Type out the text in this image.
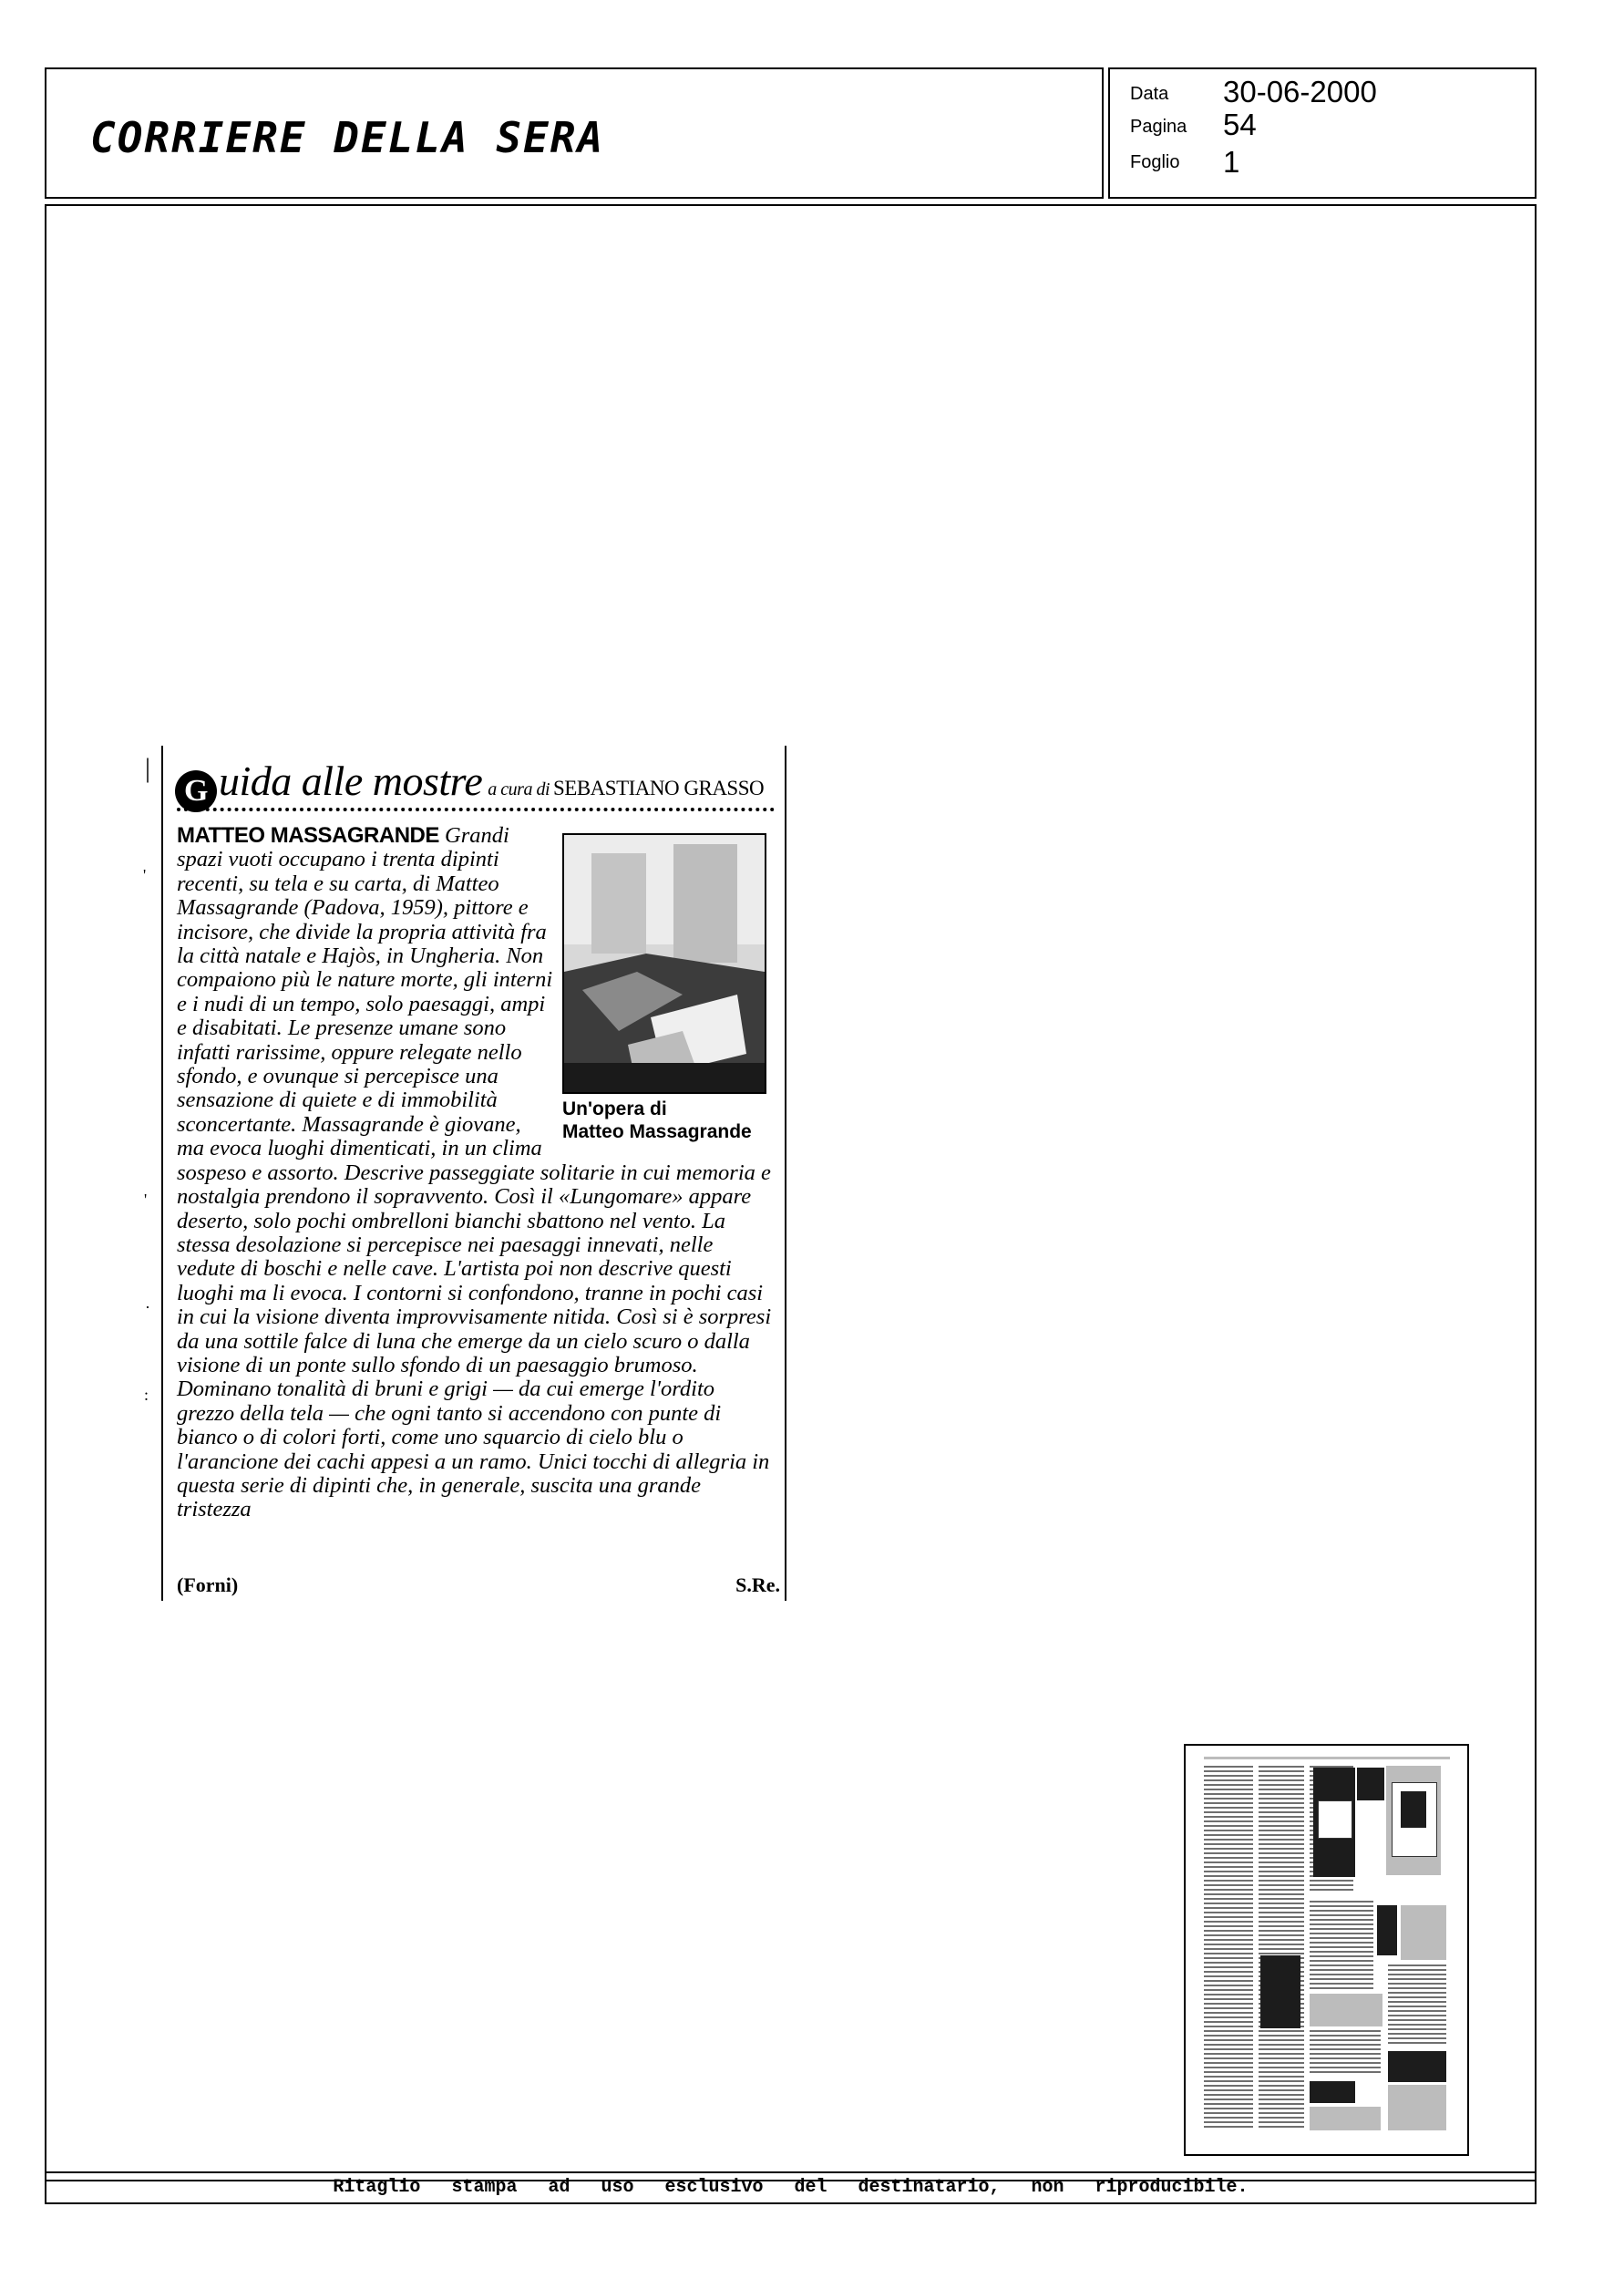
CORRIERE DELLA SERA
Data 30-06-2000
Pagina 54
Foglio 1
G uida alle mostre a cura di SEBASTIANO GRASSO
Un'opera di
Matteo Massagrande
MATTEO MASSAGRANDE Grandi spazi vuoti occupano i trenta dipinti recenti, su tela e su carta, di Matteo Massagrande (Padova, 1959), pittore e incisore, che divide la propria attività fra la città natale e Hajòs, in Ungheria. Non compaiono più le nature morte, gli interni e i nudi di un tempo, solo paesaggi, ampi e disabitati. Le presenze umane sono infatti rarissime, oppure relegate nello sfondo, e ovunque si percepisce una sensazione di quiete e di immobilità sconcertante. Massagrande è giovane, ma evoca luoghi dimenticati, in un clima sospeso e assorto. Descrive passeggiate solitarie in cui memoria e nostalgia prendono il sopravvento. Così il «Lungomare» appare deserto, solo pochi ombrelloni bianchi sbattono nel vento. La stessa desolazione si percepisce nei paesaggi innevati, nelle vedute di boschi e nelle cave. L'artista poi non descrive questi luoghi ma li evoca. I contorni si confondono, tranne in pochi casi in cui la visione diventa improvvisamente nitida. Così si è sorpresi da una sottile falce di luna che emerge da un cielo scuro o dalla visione di un ponte sullo sfondo di un paesaggio brumoso. Dominano tonalità di bruni e grigi — da cui emerge l'ordito grezzo della tela — che ogni tanto si accendono con punte di bianco o di colori forti, come uno squarcio di cielo blu o l'arancione dei cachi appesi a un ramo. Unici tocchi di allegria in questa serie di dipinti che, in generale, suscita una grande tristezza
(Forni)	S.Re.
|
'
'
·
:
Ritaglio stampa ad uso esclusivo del destinatario, non riproducibile.
